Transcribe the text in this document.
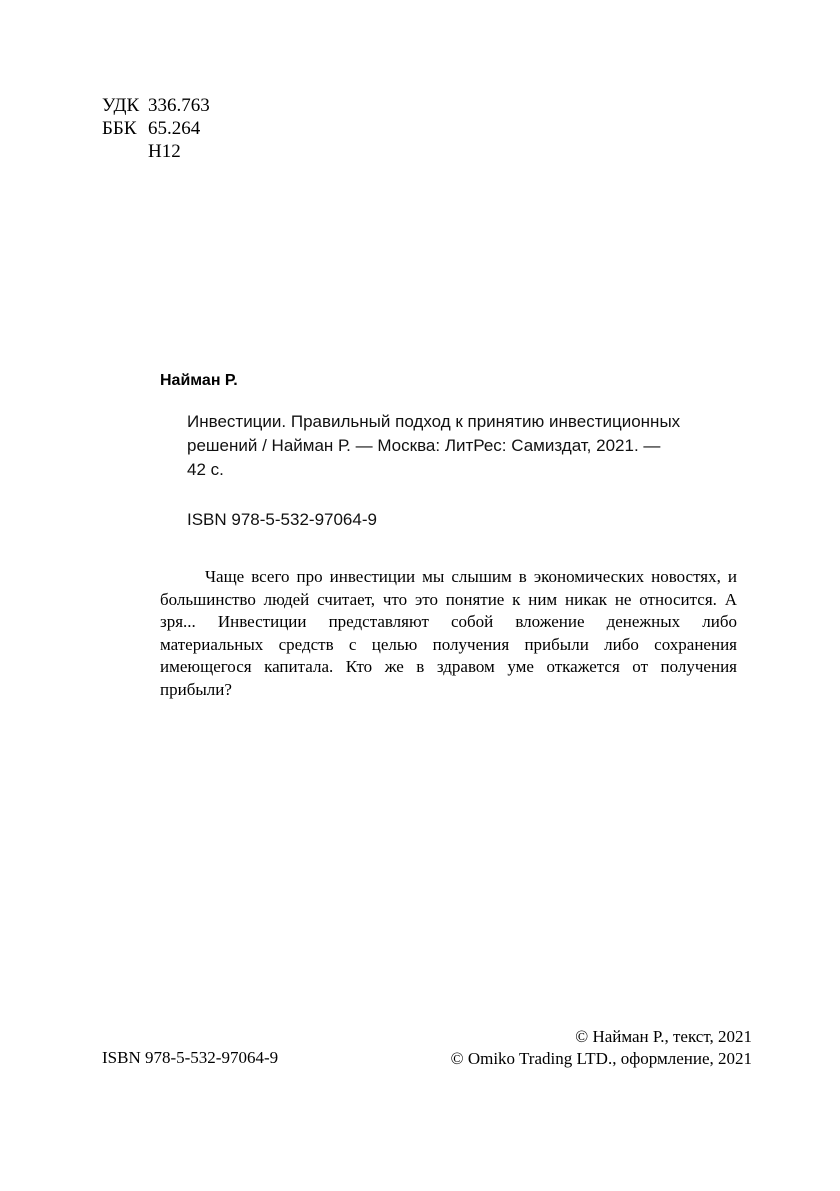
УДК 336.763
ББК 65.264
Н12
Найман Р.
Инвестиции. Правильный подход к принятию инвестиционных
решений / Найман Р. — Москва: ЛитРес: Самиздат, 2021. —
42 с.
ISBN 978-5-532-97064-9
Чаще всего про инвестиции мы слышим в экономических новостях, и большинство людей считает, что это понятие к ним никак не относится. А зря... Инвестиции представляют собой вложение денежных либо материальных средств с целью получения прибыли либо сохранения имеющегося капитала. Кто же в здравом уме откажется от получения прибыли?
ISBN 978-5-532-97064-9
© Найман Р., текст, 2021
© Omiko Trading LTD., оформление, 2021
